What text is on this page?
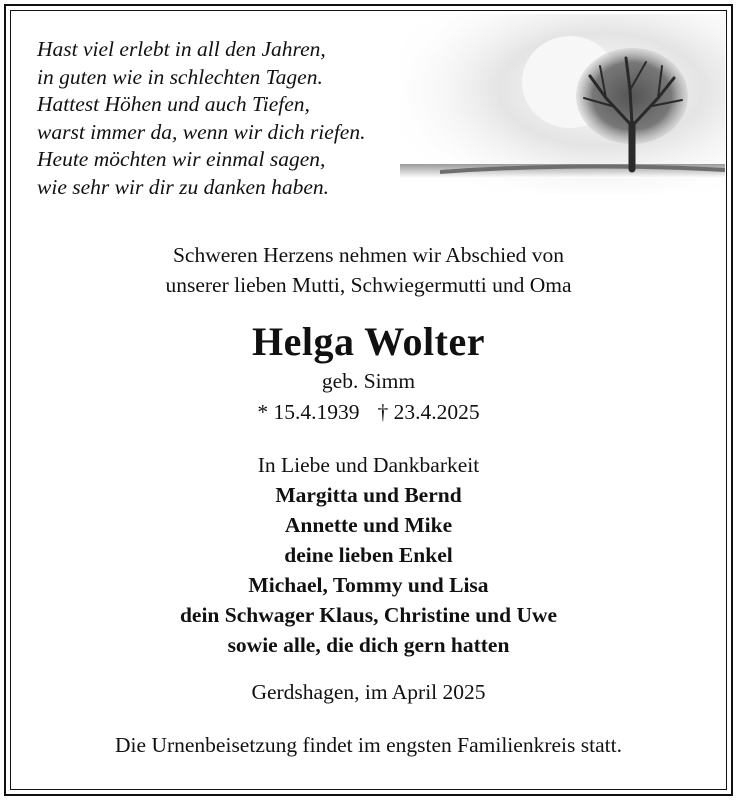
Hast viel erlebt in all den Jahren,
in guten wie in schlechten Tagen.
Hattest Höhen und auch Tiefen,
warst immer da, wenn wir dich riefen.
Heute möchten wir einmal sagen,
wie sehr wir dir zu danken haben.
Schweren Herzens nehmen wir Abschied von
unserer lieben Mutti, Schwiegermutti und Oma
Helga Wolter
geb. Simm
* 15.4.1939 † 23.4.2025
In Liebe und Dankbarkeit
Margitta und Bernd
Annette und Mike
deine lieben Enkel
Michael, Tommy und Lisa
dein Schwager Klaus, Christine und Uwe
sowie alle, die dich gern hatten
Gerdshagen, im April 2025
Die Urnenbeisetzung findet im engsten Familienkreis statt.
